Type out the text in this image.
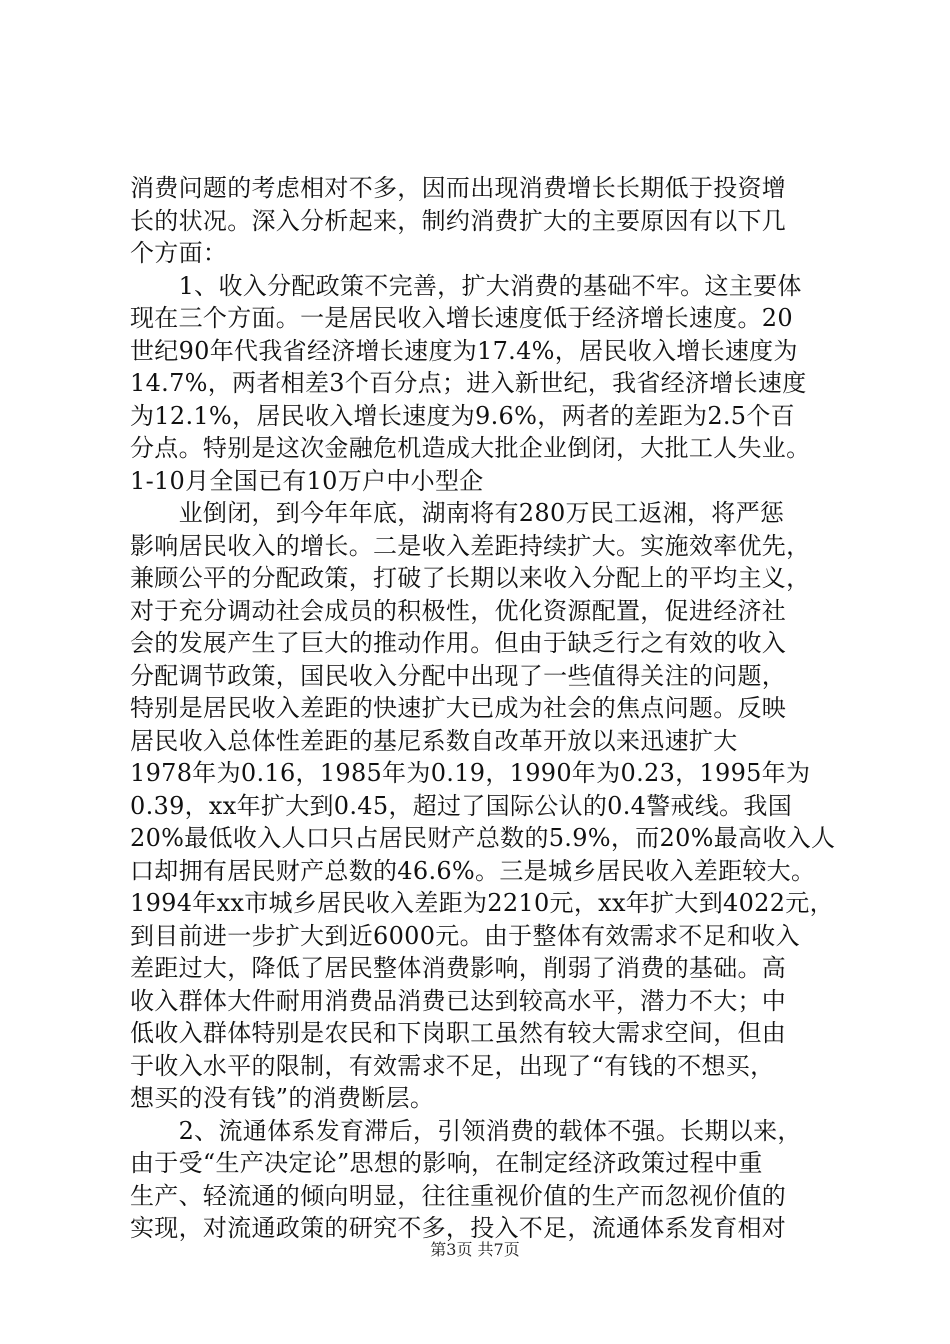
消费问题的考虑相对不多，因而出现消费增长长期低于投资增
长的状况。深入分析起来，制约消费扩大的主要原因有以下几
个方面：
　　1、收入分配政策不完善，扩大消费的基础不牢。这主要体
现在三个方面。一是居民收入增长速度低于经济增长速度。20
世纪90年代我省经济增长速度为17.4%，居民收入增长速度为
14.7%，两者相差3个百分点；进入新世纪，我省经济增长速度
为12.1%，居民收入增长速度为9.6%，两者的差距为2.5个百
分点。特别是这次金融危机造成大批企业倒闭，大批工人失业。
1-10月全国已有10万户中小型企
　　业倒闭，到今年年底，湖南将有280万民工返湘，将严惩
影响居民收入的增长。二是收入差距持续扩大。实施效率优先，
兼顾公平的分配政策，打破了长期以来收入分配上的平均主义，
对于充分调动社会成员的积极性，优化资源配置，促进经济社
会的发展产生了巨大的推动作用。但由于缺乏行之有效的收入
分配调节政策，国民收入分配中出现了一些值得关注的问题，
特别是居民收入差距的快速扩大已成为社会的焦点问题。反映
居民收入总体性差距的基尼系数自改革开放以来迅速扩大
1978年为0.16，1985年为0.19，1990年为0.23，1995年为
0.39，xx年扩大到0.45，超过了国际公认的0.4警戒线。我国
20%最低收入人口只占居民财产总数的5.9%，而20%最高收入人
口却拥有居民财产总数的46.6%。三是城乡居民收入差距较大。
1994年xx市城乡居民收入差距为2210元，xx年扩大到4022元，
到目前进一步扩大到近6000元。由于整体有效需求不足和收入
差距过大，降低了居民整体消费影响，削弱了消费的基础。高
收入群体大件耐用消费品消费已达到较高水平，潜力不大；中
低收入群体特别是农民和下岗职工虽然有较大需求空间，但由
于收入水平的限制，有效需求不足，出现了“有钱的不想买，
想买的没有钱”的消费断层。
　　2、流通体系发育滞后，引领消费的载体不强。长期以来，
由于受“生产决定论”思想的影响，在制定经济政策过程中重
生产、轻流通的倾向明显，往往重视价值的生产而忽视价值的
实现，对流通政策的研究不多，投入不足，流通体系发育相对
第3页 共7页
